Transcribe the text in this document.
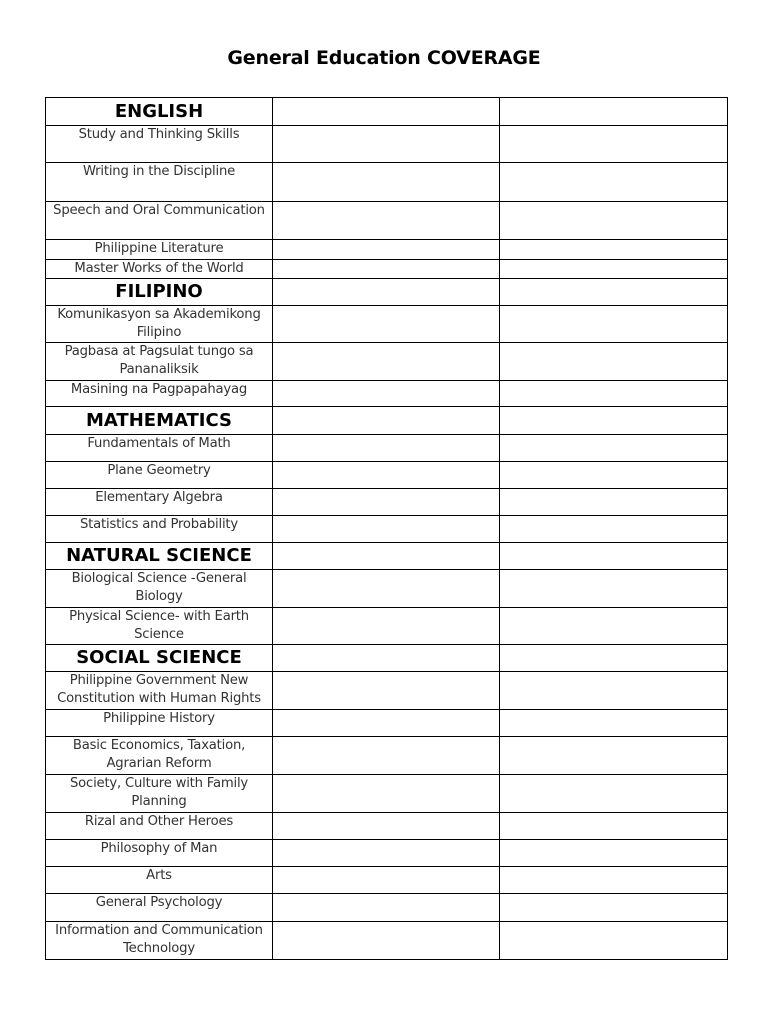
General Education COVERAGE
ENGLISH		
Study and Thinking Skills		
Writing in the Discipline		
Speech and Oral Communication		
Philippine Literature		
Master Works of the World		
FILIPINO		
Komunikasyon sa Akademikong Filipino		
Pagbasa at Pagsulat tungo sa Pananaliksik		
Masining na Pagpapahayag		
MATHEMATICS		
Fundamentals of Math		
Plane Geometry		
Elementary Algebra		
Statistics and Probability		
NATURAL SCIENCE		
Biological Science -General Biology		
Physical Science- with Earth Science		
SOCIAL SCIENCE		
Philippine Government New Constitution with Human Rights		
Philippine History		
Basic Economics, Taxation, Agrarian Reform		
Society, Culture with Family Planning		
Rizal and Other Heroes		
Philosophy of Man		
Arts		
General Psychology		
Information and Communication Technology		
